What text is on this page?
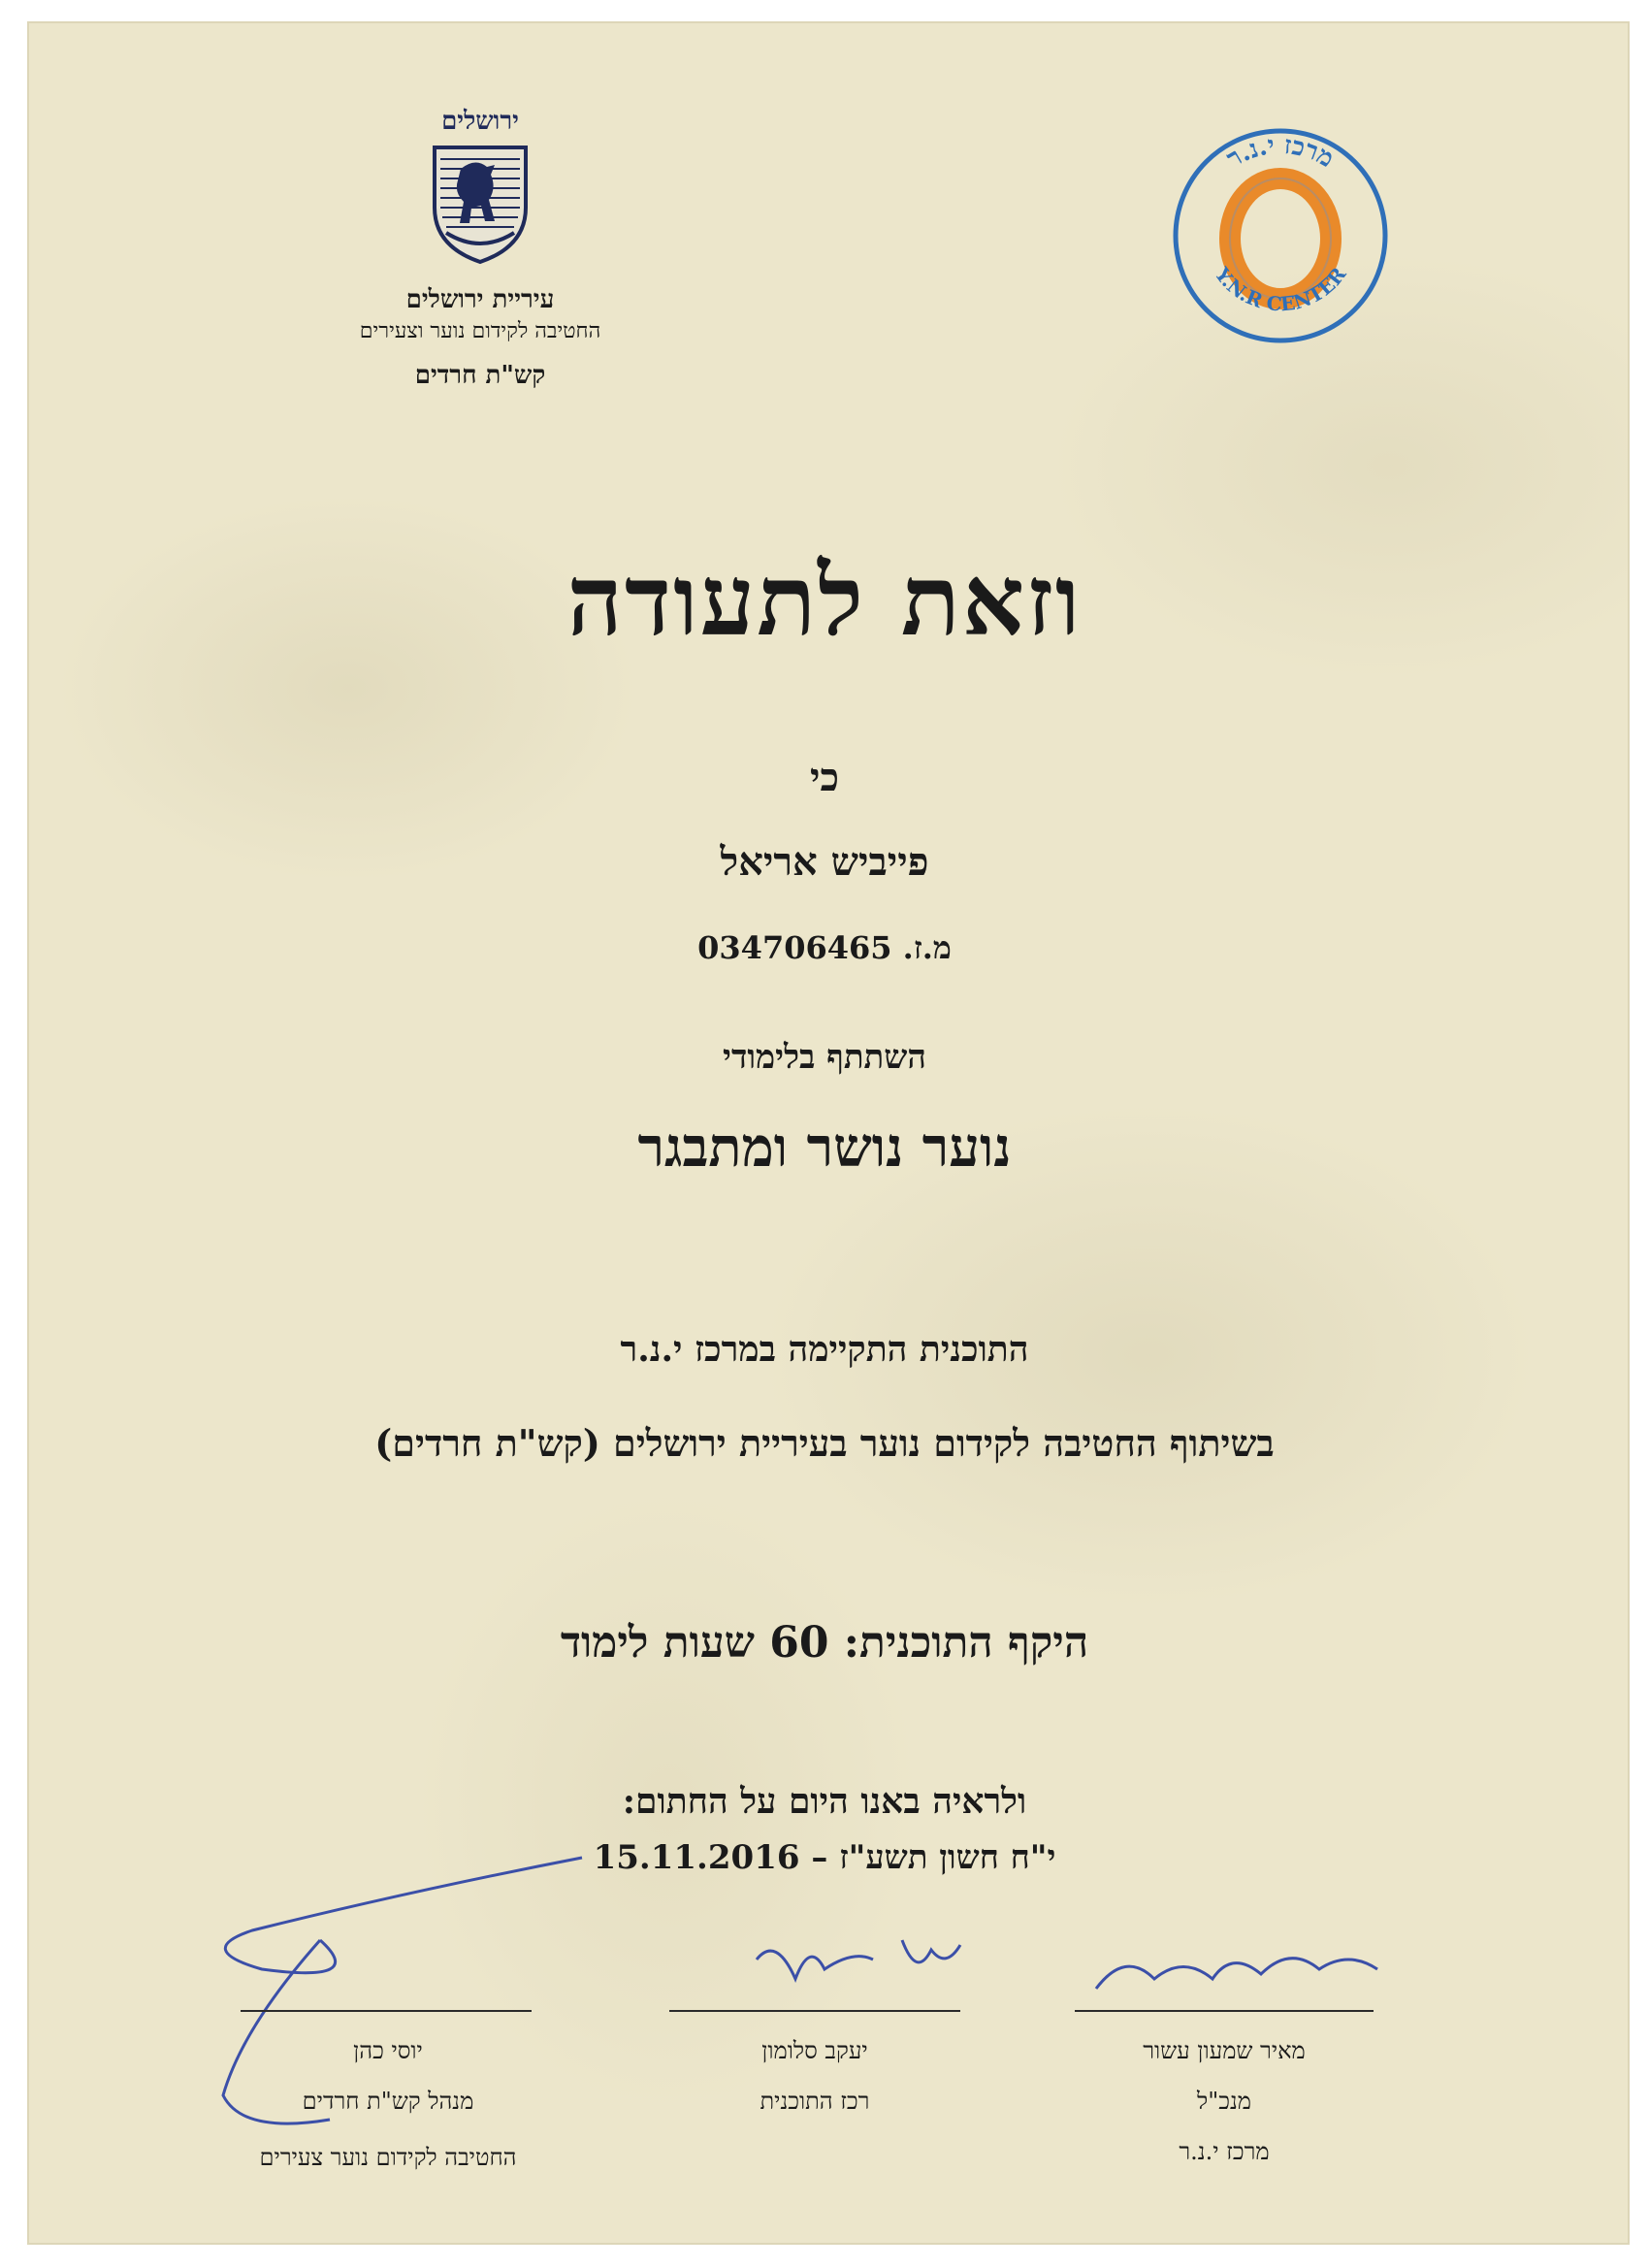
ירושלים
עיריית ירושלים
החטיבה לקידום נוער וצעירים
קש"ת חרדים
מרכז י.נ.ר
Y.N.R CENTER
וזאת לתעודה
כי
פייביש אריאל
מ.ז. 034706465
השתתף בלימודי
נוער נושר ומתבגר
התוכנית התקיימה במרכז י.נ.ר
בשיתוף החטיבה לקידום נוער בעיריית ירושלים (קש"ת חרדים)
היקף התוכנית: 60 שעות לימוד
ולראיה באנו היום על החתום:
י"ח חשון תשע"ז – 15.11.2016
מאיר שמעון עשור
מנכ"ל
מרכז י.נ.ר
יעקב סלומון
רכז התוכנית
יוסי כהן
מנהל קש"ת חרדים
החטיבה לקידום נוער צעירים
